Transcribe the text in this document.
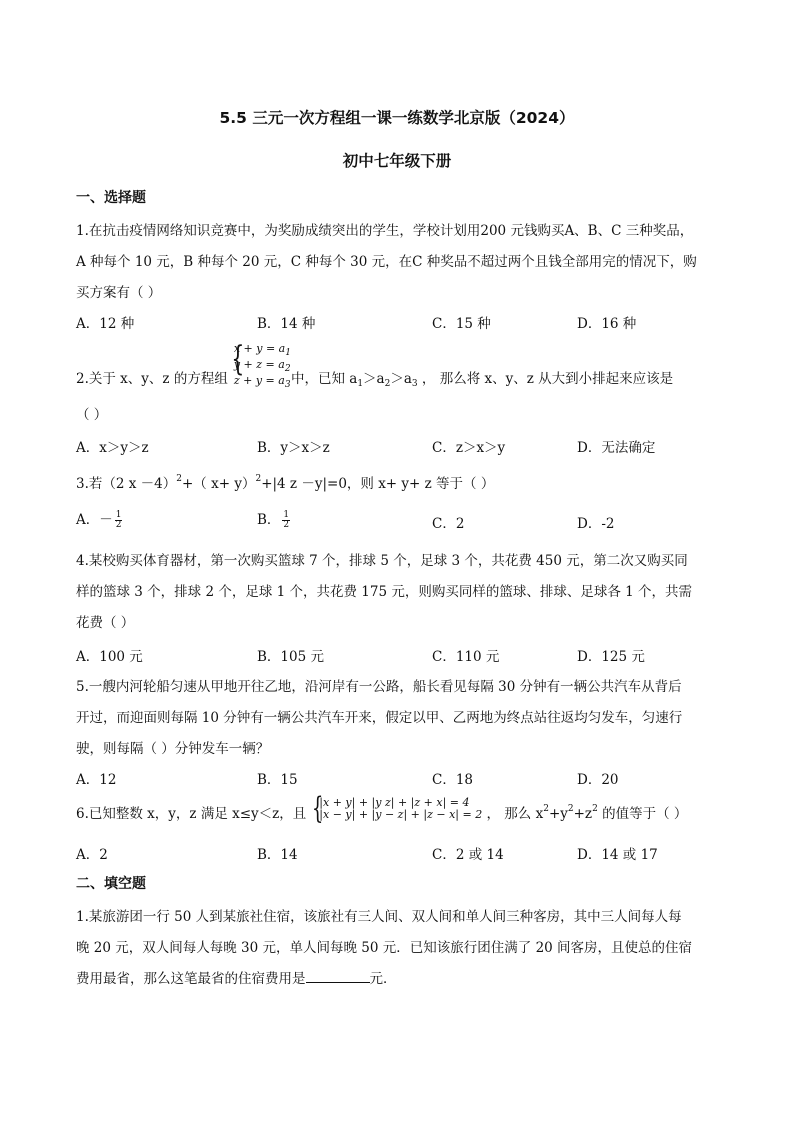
5.5 三元一次方程组一课一练数学北京版（2024）
初中七年级下册
一、选择题
1.在抗击疫情网络知识竞赛中，为奖励成绩突出的学生，学校计划用200 元钱购买A、B、C 三种奖品，
A 种每个 10 元，B 种每个 20 元，C 种每个 30 元，在C 种奖品不超过两个且钱全部用完的情况下，购
买方案有（ ）
A．12 种	B．14 种	C．15 种	D．16 种
2.关于 x、y、z 的方程组 {
$x + y = a_1$
$y + z = a_2$
$z + y = a_3$ 中，已知 $a_1>a_2>a_3$ ， 那么将 x、y、z 从大到小排起来应该是
（ ）
A．x＞y＞z	B．y＞x＞z	C．z＞x＞y	D．无法确定
3.若（2 x －4）$^2$+（ x+ y）$^2$+|4 z －y|=0，则 x+ y+ z 等于（ ）
A．－ $\frac{1}{2}$	B． $\frac{1}{2}$	C．2	D．-2
4.某校购买体育器材，第一次购买篮球 7 个，排球 5 个，足球 3 个，共花费 450 元，第二次又购买同
样的篮球 3 个，排球 2 个，足球 1 个，共花费 175 元，则购买同样的篮球、排球、足球各 1 个，共需
花费（ ）
A．100 元	B．105 元	C．110 元	D．125 元
5.一艘内河轮船匀速从甲地开往乙地，沿河岸有一公路，船长看见每隔 30 分钟有一辆公共汽车从背后
开过，而迎面则每隔 10 分钟有一辆公共汽车开来，假定以甲、乙两地为终点站往返均匀发车，匀速行
驶，则每隔（ ）分钟发车一辆？
A．12	B．15	C．18	D．20
6.已知整数 x，y，z 满足 x≤y＜z，且 {
|x + y| + |y z| + |z + x| = 4
|x − y| + |y − z| + |z − x| = 2 ， 那么 $x^2+y^2+z^2$ 的值等于（ ）
A．2	B．14	C．2 或 14	D．14 或 17
二、填空题
1.某旅游团一行 50 人到某旅社住宿，该旅社有三人间、双人间和单人间三种客房，其中三人间每人每
晚 20 元，双人间每人每晚 30 元，单人间每晚 50 元．已知该旅行团住满了 20 间客房，且使总的住宿
费用最省，那么这笔最省的住宿费用是	元．
